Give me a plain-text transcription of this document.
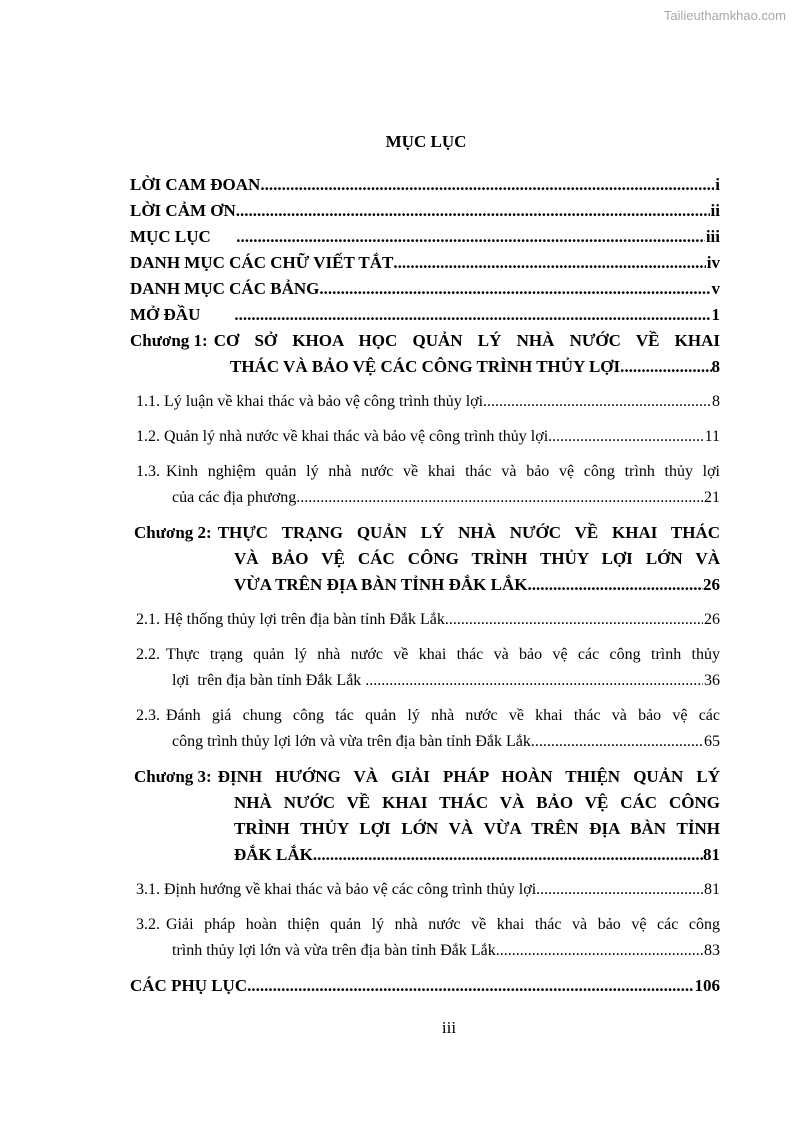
Tailieuthamkhao.com
MỤC LỤC
LỜI CAM ĐOAN .....	i
LỜI CẢM ƠN .....	ii
MỤC LỤC .....	iii
DANH MỤC CÁC CHỮ VIẾT TẮT .....	iv
DANH MỤC CÁC BẢNG .....	v
MỞ ĐẦU .....	1
Chương 1: CƠ SỞ KHOA HỌC QUẢN LÝ NHÀ NƯỚC VỀ KHAI
THÁC VÀ BẢO VỆ CÁC CÔNG TRÌNH THỦY LỢI .....	8
1.1.
Lý luận về khai thác và bảo vệ công trình thủy lợi .....	8
1.2.
Quản lý nhà nước về khai thác và bảo vệ công trình thủy lợi .....	11
1.3. Kinh nghiệm quản lý nhà nước về khai thác và bảo vệ công trình thủy lợi
của các địa phương .....	21
Chương 2: THỰC TRẠNG QUẢN LÝ NHÀ NƯỚC VỀ KHAI THÁC
VÀ BẢO VỆ CÁC CÔNG TRÌNH THỦY LỢI LỚN VÀ
VỪA TRÊN ĐỊA BÀN TỈNH ĐẮK LẮK .....	26
2.1.
Hệ thống thủy lợi trên địa bàn tỉnh Đắk Lắk .....	26
2.2. Thực trạng quản lý nhà nước về khai thác và bảo vệ các công trình thủy
lợi  trên địa bàn tỉnh Đắk Lắk .....	36
2.3. Đánh giá chung công tác quản lý nhà nước về khai thác và bảo vệ các
công trình thủy lợi lớn và vừa trên địa bàn tỉnh Đắk Lắk .....	65
Chương 3: ĐỊNH HƯỚNG VÀ GIẢI PHÁP HOÀN THIỆN QUẢN LÝ
NHÀ NƯỚC VỀ KHAI THÁC VÀ BẢO VỆ CÁC CÔNG
TRÌNH THỦY LỢI LỚN VÀ VỪA TRÊN ĐỊA BÀN TỈNH
ĐẮK LẮK .....	81
3.1.
Định hướng về khai thác và bảo vệ các công trình thủy lợi .....	81
3.2. Giải pháp hoàn thiện quản lý nhà nước về khai thác và bảo vệ các công
trình thủy lợi lớn và vừa trên địa bàn tỉnh Đắk Lắk .....	83
CÁC PHỤ LỤC .....	106
iii
